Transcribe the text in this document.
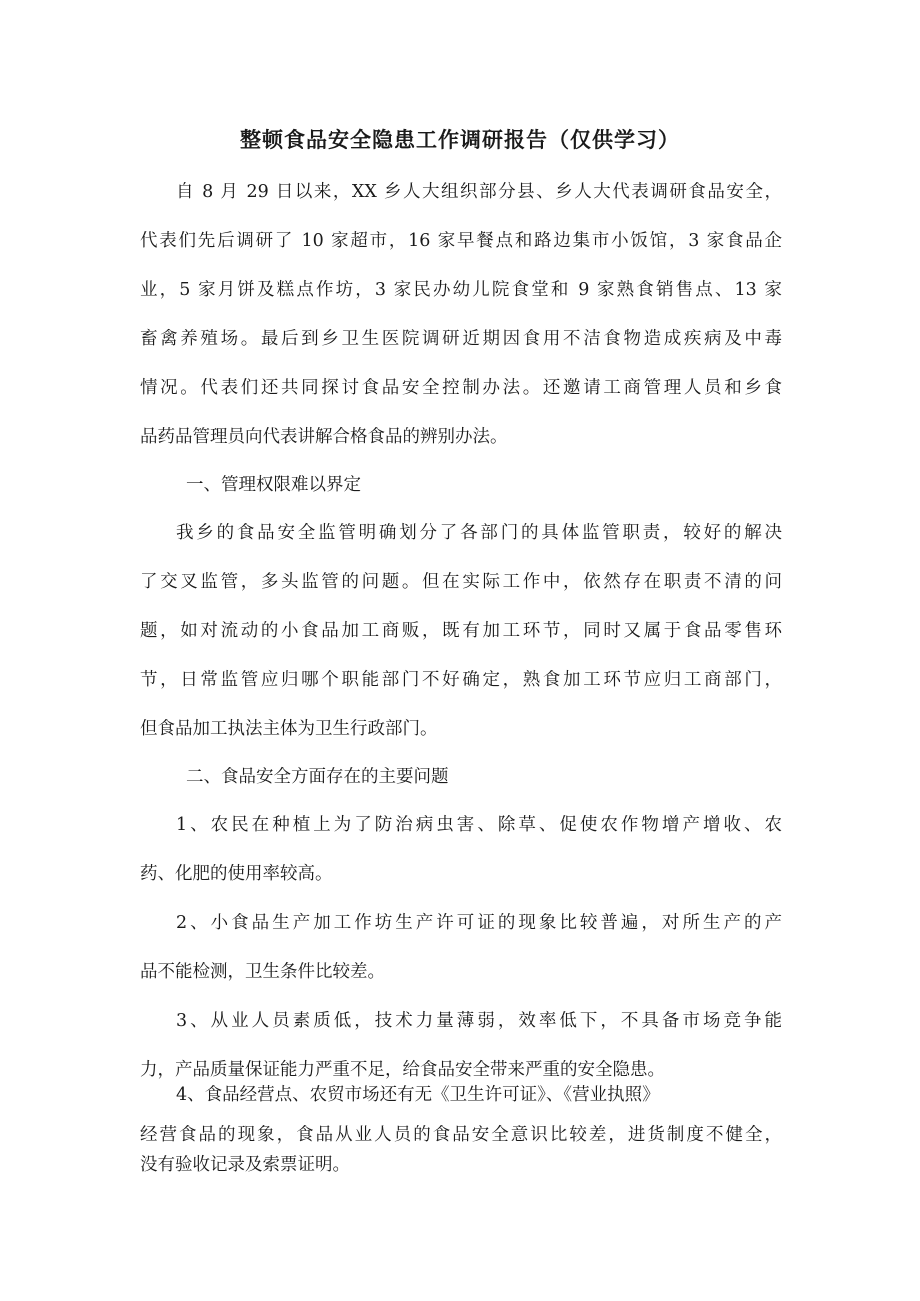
整顿食品安全隐患工作调研报告（仅供学习）
自 8 月 29 日以来，XX 乡人大组织部分县、乡人大代表调研食品安全，
代表们先后调研了 10 家超市，16 家早餐点和路边集市小饭馆，3 家食品企
业，5 家月饼及糕点作坊，3 家民办幼儿院食堂和 9 家熟食销售点、13 家
畜禽养殖场。最后到乡卫生医院调研近期因食用不洁食物造成疾病及中毒
情况。代表们还共同探讨食品安全控制办法。还邀请工商管理人员和乡食
品药品管理员向代表讲解合格食品的辨别办法。

一、管理权限难以界定

我乡的食品安全监管明确划分了各部门的具体监管职责，较好的解决
了交叉监管，多头监管的问题。但在实际工作中，依然存在职责不清的问
题，如对流动的小食品加工商贩，既有加工环节，同时又属于食品零售环
节，日常监管应归哪个职能部门不好确定，熟食加工环节应归工商部门，
但食品加工执法主体为卫生行政部门。

二、食品安全方面存在的主要问题

1、农民在种植上为了防治病虫害、除草、促使农作物增产增收、农
药、化肥的使用率较高。
2、小食品生产加工作坊生产许可证的现象比较普遍，对所生产的产
品不能检测，卫生条件比较差。
3、从业人员素质低，技术力量薄弱，效率低下，不具备市场竞争能
力，产品质量保证能力严重不足，给食品安全带来严重的安全隐患。
4、食品经营点、农贸市场还有无《卫生许可证》、《营业执照》
经营食品的现象，食品从业人员的食品安全意识比较差，进货制度不健全，
没有验收记录及索票证明。
